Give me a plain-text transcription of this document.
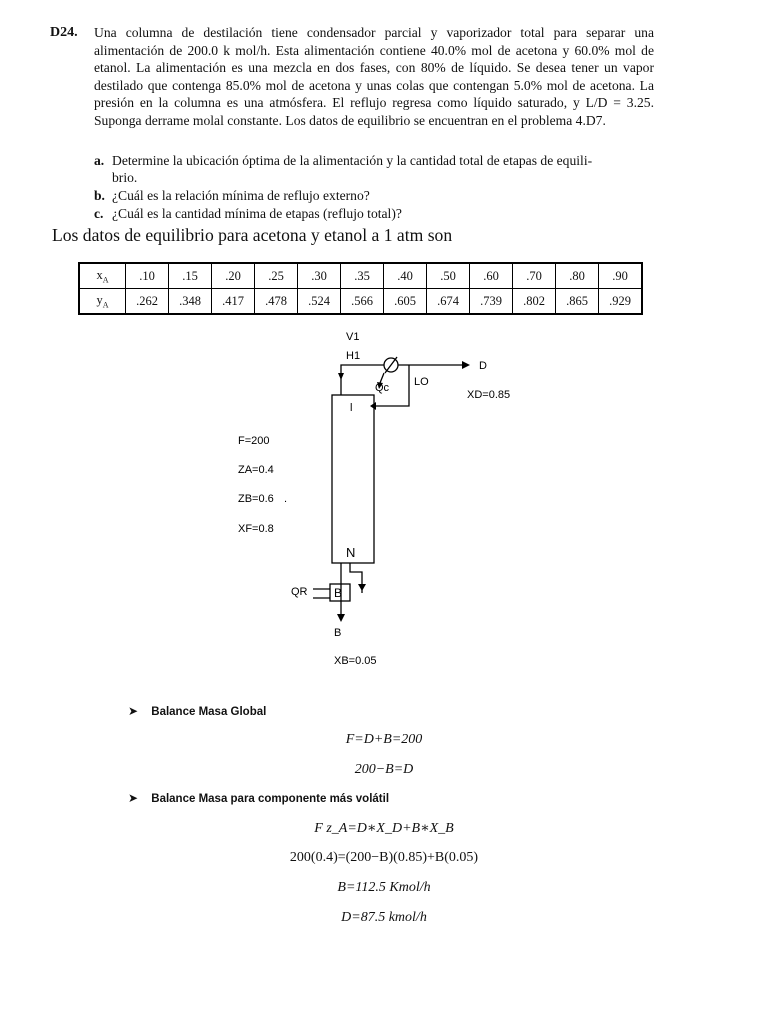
D24. Una columna de destilación tiene condensador parcial y vaporizador total para separar una alimentación de 200.0 k mol/h. Esta alimentación contiene 40.0% mol de acetona y 60.0% mol de etanol. La alimentación es una mezcla en dos fases, con 80% de líquido. Se desea tener un vapor destilado que contenga 85.0% mol de acetona y unas colas que contengan 5.0% mol de acetona. La presión en la columna es una atmósfera. El reflujo regresa como líquido saturado, y L/D = 3.25. Suponga derrame molal constante. Los datos de equilibrio se encuentran en el problema 4.D7.
a. Determine la ubicación óptima de la alimentación y la cantidad total de etapas de equili-
brio.
b. ¿Cuál es la relación mínima de reflujo externo?
c. ¿Cuál es la cantidad mínima de etapas (reflujo total)?
Los datos de equilibrio para acetona y etanol a 1 atm son
$x_A$	.10	.15	.20	.25	.30	.35	.40	.50	.60	.70	.80	.90
$y_A$	.262	.348	.417	.478	.524	.566	.605	.674	.739	.802	.865	.929
V1
H1
D
Qc LO
XD=0.85
l
N
F=200
ZA=0.4
ZB=0.6 .
XF=0.8
QR B
B
XB=0.05
➤ Balance Masa Global
F=D+B=200
200−B=D
➤ Balance Masa para componente más volátil
F z_A=D∗X_D+B∗X_B
200(0.4)=(200−B)(0.85)+B(0.05)
B=112.5 Kmol/h
D=87.5 kmol/h
